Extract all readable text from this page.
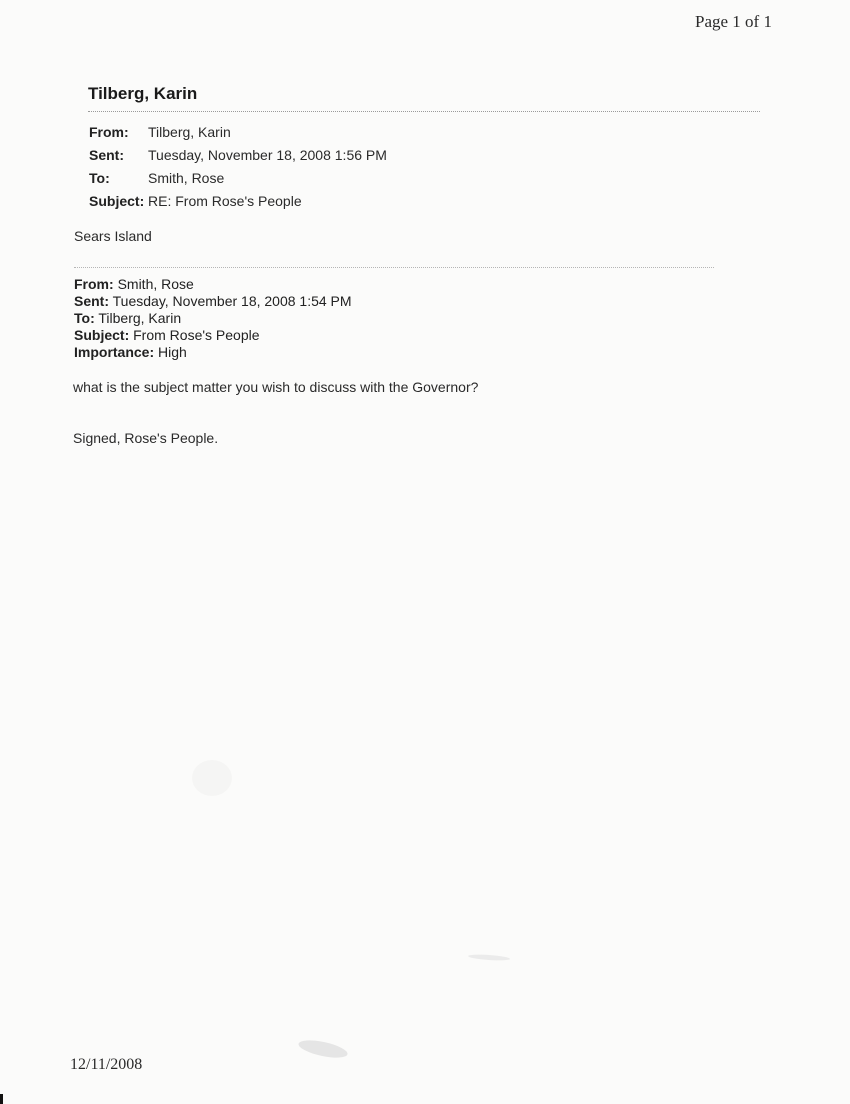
Page 1 of 1
Tilberg, Karin
From:	Tilberg, Karin
Sent:	Tuesday, November 18, 2008 1:56 PM
To:	Smith, Rose
Subject: RE: From Rose's People
Sears Island
From: Smith, Rose
Sent: Tuesday, November 18, 2008 1:54 PM
To: Tilberg, Karin
Subject: From Rose's People
Importance: High
what is the subject matter you wish to discuss with the Governor?
Signed, Rose's People.
12/11/2008
